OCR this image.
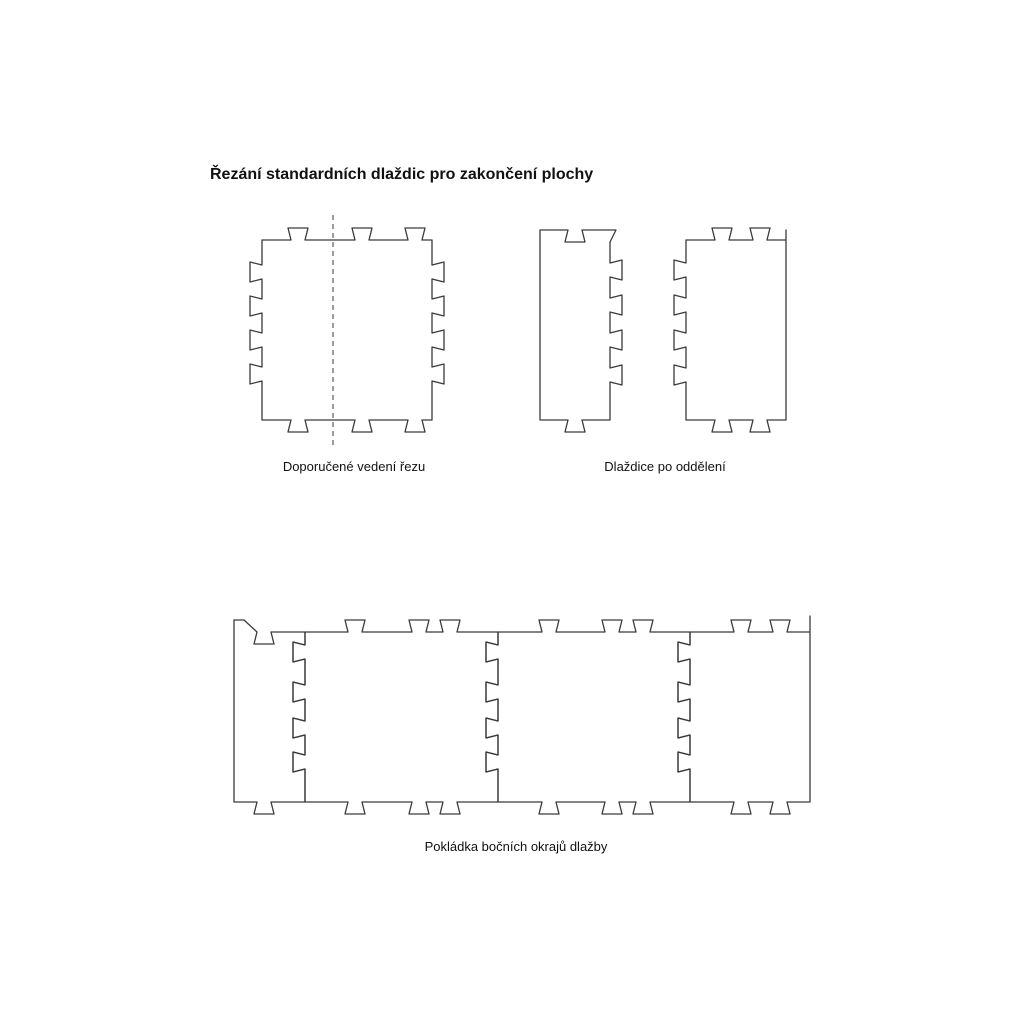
Řezání standardních dlaždic pro zakončení plochy
Doporučené vedení řezu	Dlaždice po oddělení
Pokládka bočních okrajů dlažby
